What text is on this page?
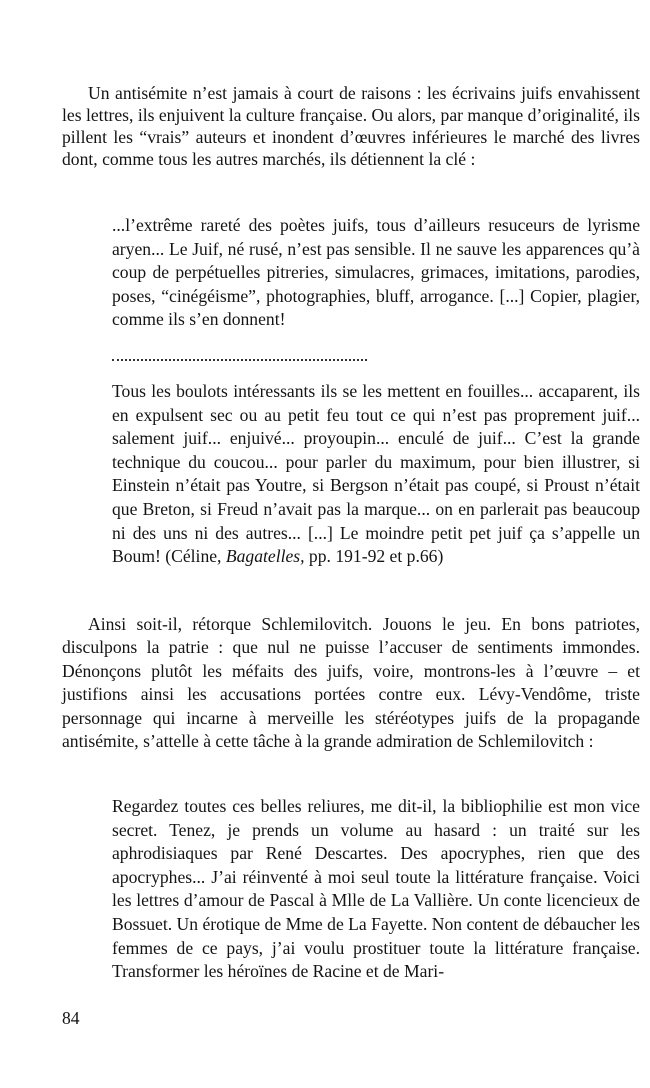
Un antisémite n’est jamais à court de raisons : les écrivains juifs envahissent les lettres, ils enjuivent la culture française. Ou alors, par manque d’originalité, ils pillent les “vrais” auteurs et inondent d’œuvres inférieures le marché des livres dont, comme tous les autres marchés, ils détiennent la clé :

...l’extrême rareté des poètes juifs, tous d’ailleurs resuceurs de lyrisme aryen... Le Juif, né rusé, n’est pas sensible. Il ne sauve les apparences qu’à coup de perpétuelles pitreries, simulacres, grimaces, imitations, parodies, poses, “cinégéisme”, photographies, bluff, arrogance. [...] Copier, plagier, comme ils s’en donnent!

Tous les boulots intéressants ils se les mettent en fouilles... accaparent, ils en expulsent sec ou au petit feu tout ce qui n’est pas proprement juif... salement juif... enjuivé... proyoupin... enculé de juif... C’est la grande technique du coucou... pour parler du maximum, pour bien illustrer, si Einstein n’était pas Youtre, si Bergson n’était pas coupé, si Proust n’était que Breton, si Freud n’avait pas la marque... on en parlerait pas beaucoup ni des uns ni des autres... [...] Le moindre petit pet juif ça s’appelle un Boum! (Céline, Bagatelles, pp. 191-92 et p.66)

Ainsi soit-il, rétorque Schlemilovitch. Jouons le jeu. En bons patriotes, disculpons la patrie : que nul ne puisse l’accuser de sentiments immondes. Dénonçons plutôt les méfaits des juifs, voire, montrons-les à l’œuvre – et justifions ainsi les accusations portées contre eux. Lévy-Vendôme, triste personnage qui incarne à merveille les stéréotypes juifs de la propagande antisémite, s’attelle à cette tâche à la grande admiration de Schlemilovitch :

Regardez toutes ces belles reliures, me dit-il, la bibliophilie est mon vice secret. Tenez, je prends un volume au hasard : un traité sur les aphrodisiaques par René Descartes. Des apocryphes, rien que des apocryphes... J’ai réinventé à moi seul toute la littérature française. Voici les lettres d’amour de Pascal à Mlle de La Vallière. Un conte licencieux de Bossuet. Un érotique de Mme de La Fayette. Non content de débaucher les femmes de ce pays, j’ai voulu prostituer toute la littérature française. Transformer les héroïnes de Racine et de Mari-

84
